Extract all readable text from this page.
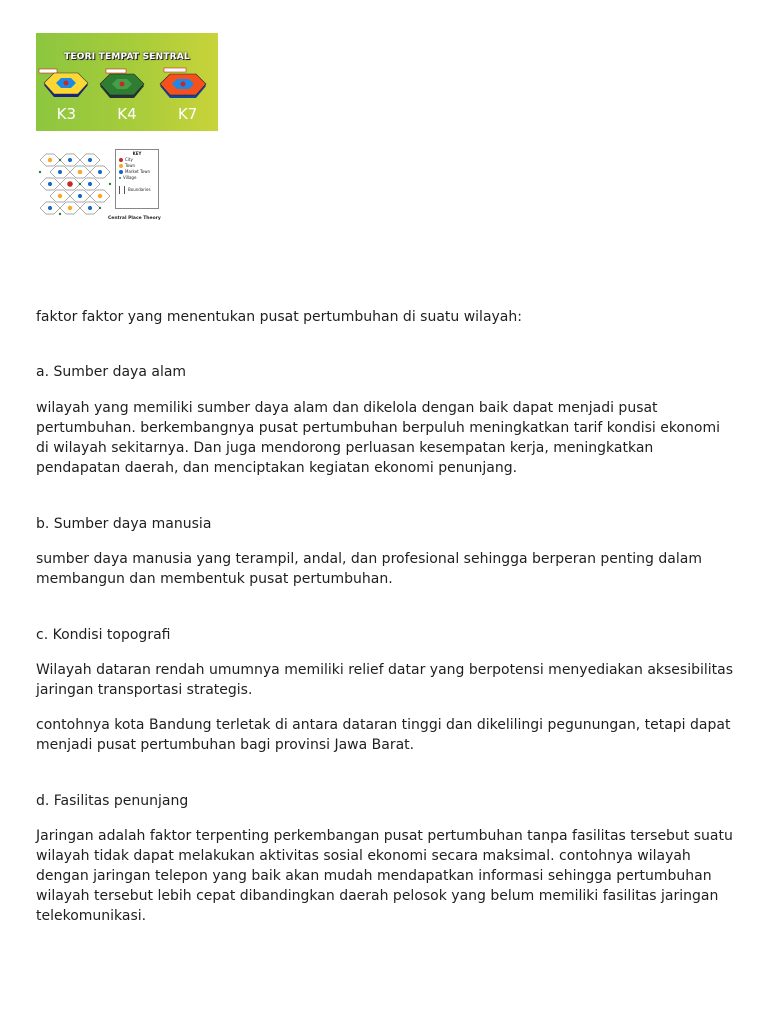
TEORI TEMPAT SENTRAL
K3	K4	K7
KEY
City
Town
Market Town
Village
Boundaries
Central Place Theory

faktor faktor yang menentukan pusat pertumbuhan di suatu wilayah:

a. Sumber daya alam

wilayah yang memiliki sumber daya alam dan dikelola dengan baik dapat menjadi pusat pertumbuhan. berkembangnya pusat pertumbuhan berpuluh meningkatkan tarif kondisi ekonomi di wilayah sekitarnya. Dan juga mendorong perluasan kesempatan kerja, meningkatkan pendapatan daerah, dan menciptakan kegiatan ekonomi penunjang.

b. Sumber daya manusia

sumber daya manusia yang terampil, andal, dan profesional sehingga berperan penting dalam membangun dan membentuk pusat pertumbuhan.

c. Kondisi topografi

Wilayah dataran rendah umumnya memiliki relief datar yang berpotensi menyediakan aksesibilitas jaringan transportasi strategis.

contohnya kota Bandung terletak di antara dataran tinggi dan dikelilingi pegunungan, tetapi dapat menjadi pusat pertumbuhan bagi provinsi Jawa Barat.

d. Fasilitas penunjang

Jaringan adalah faktor terpenting perkembangan pusat pertumbuhan tanpa fasilitas tersebut suatu wilayah tidak dapat melakukan aktivitas sosial ekonomi secara maksimal. contohnya wilayah dengan jaringan telepon yang baik akan mudah mendapatkan informasi sehingga pertumbuhan wilayah tersebut lebih cepat dibandingkan daerah pelosok yang belum memiliki fasilitas jaringan telekomunikasi.
